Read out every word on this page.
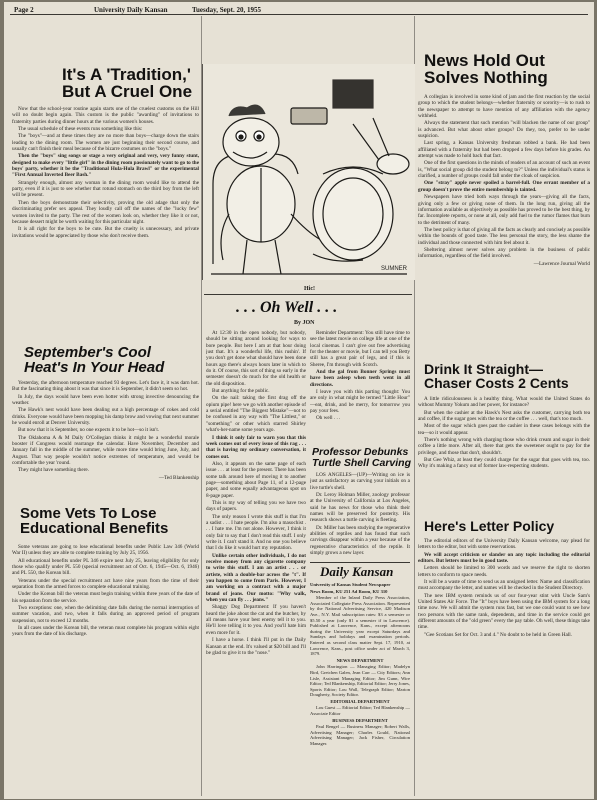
Page 2	University Daily Kansan	Tuesday, Sept. 20, 1955
It's A 'Tradition,'
But A Cruel One

Now that the school-year routine again starts one of the cruelest customs on the Hill will no doubt begin again. This custom is the public "awarding" of invitations to fraternity parties during dinner hours at the various women's houses.

The usual schedule of these events runs something like this:

The "boys"—and at these times they are no more than boys—charge down the stairs leading to the dining room. The women are just beginning their second course, and usually can't finish their meal because of the bizarre costumes on the "boys."

Then the "boys" sing songs or stage a very original and very, very funny stunt, designed to make every "little girl" in the dining room passionately want to go to the boys' party, whether it be the "Traditional Hula-Hula Brawl" or the experimental "First Annual Inverted Beer Bash."

Strangely enough, almost any woman in the dining room would like to attend the party, even if it is just to see whether that rotund stomach on the third boy from the left will be present.

Then the boys demonstrate their selectivity, proving the old adage that only the discriminating prefer sex appeal. They loudly call off the names of the "lucky few" women invited to the party. The rest of the women look on, whether they like it or not, because dessert might be worth waiting for this particular night.

It is all right for the boys to be cute. But the cruelty is unnecessary, and private invitations would be appreciated by those who don't receive them.

September's Cool
Heat's In Your Head

Yesterday, the afternoon temperature reached 93 degrees. Let's face it, it was darn hot. But the fascinating thing about it was that since it is September, it didn't seem so hot.

In July, the days would have been even hotter with strong invective denouncing the weather.

The Hawk's nest would have been dealing out a high percentage of cokes and cold drinks. Everyone would have been mopping his damp brow and vowing that next summer he would enroll at Denver University.

But now that it is September, no one expects it to be hot—so it isn't.

The Oklahoma A & M Daily O'Collegian thinks it might be a wonderful morale booster if Congress would rearrange the calendar. Have November, December and January fall in the middle of the summer, while more time would bring June, July, and August. That way people wouldn't notice extremes of temperature, and would be comfortable the year 'round.

They might have something there.

—Ted Blankenship

Some Vets To Lose
Educational Benefits

Some veterans are going to lose educational benefits under Public Law 346 (World War II) unless they are able to complete training by July 25, 1956.

All educational benefits under PL 346 expire next July 25, leaving eligibility for only those who qualify under PL 550 (special recruitment act of Oct. 6, 1945—Oct. 6, 1946) and PL 550, the Korean bill.

Veterans under the special recruitment act have nine years from the time of their separation from the armed forces to complete educational training.

Under the Korean bill the veteran must begin training within three years of the date of his separation from the service.

Two exceptions: one, when the delimiting date falls during the normal interruption of summer vacation, and two, when it falls during an approved period of program suspension, not to exceed 12 months.

In all cases under the Korean bill, the veteran must complete his program within eight years from the date of his discharge.

SUMNER
Hic!
. . . Oh Well . . .
By JON

At 12:30 in the open nobody, but nobody, should be sitting around looking for ways to bore people. But here I am at that hour doing just that. It's a wonderful life, this rushin'. If you don't get done what should have been done hours ago there's always hours later in which to do it. Of course, this sort of thing so early in the semester doesn't do much for the old health or the old disposition.

But anything for the public.

On the nail: taking the first drag off the opium pipe! here we go with another episode of a serial entitled "The Biggest Mistake"—not to be confused in any way with "The Littlest," or "something" or other which starred Shirley what's-her-name some years ago.

I think it only fair to warn you that this week comes out of every issue of this rag . . . that is having my ordinary conversation, it comes out.

Also, it appears on the same page of each issue . . . at least for the present. There has been some talk around here of moving it to another page—something about Page 11, of a 12-page paper, and some equally advantageous spot on 8-page paper.

This is my way of telling you we have two days of papers.

The only reason I wrote this stuff is that I'm a sadist . . . I hate people. I'm also a masochist . . . I hate me. I'm not alone. However, I think it only fair to say that I don't read this stuff. I only write it. I can't stand it. And no one you believe that I do like it would hurt my reputation.

Unlike certain other individuals, I do not receive money from any cigarette company to write this stuff. I am an artist . . . or artiste, with a double-bar across the "t". If you happen to come from Paris. However, I am working on a contract with a major brand of jeans. Our motto: "Why walk, when you can fly . . . jeans."

Shaggy Dog Department: If you haven't heard the joke about the cat and the butcher, by all means have your best enemy tell it to you. He'll love telling it to you. And you'll hate him even more for it.

I have a horse. I think I'll put in the Daily Kansan at the end. It's valued at $20 bill and I'll be glad to give it to the "nose."

Reminder Department: You still have time to see the latest movie on college life at one of the local cinemas. I can't give out free advertising for the theater or movie, but I can tell you Betty still has a great pair of legs, and if this is Sheree, I'm through with Scotch.

And the gal from Bonner Springs must have been asleep when teeth went in all directions.

I leave you with this parting thought: You are only in what might be termed "Little Hour" —eat, drink, and be merry, for tomorrow you pay your fees.

Oh well . . .

Professor Debunks
Turtle Shell Carving

LOS ANGELES—(UP)—Writing on ice is just as satisfactory as carving your initials on a live turtle's shell.

Dr. Leroy Holman Miller, zoology professor at the University of California at Los Angeles, said he has news for those who think their names will be preserved for posterity. His research shows a turtle carving is fleeting.

Dr. Miller has been studying the regenerative abilities of reptiles and has found that such carvings disappear within a year because of the regenerative characteristics of the reptile. It simply grows a new layer.

Daily Kansan

University of Kansas Student Newspaper

News Room, KU 251 Ad Room, KU 310

Member of the Inland Daily Press Association, Associated Collegiate Press Association. Represented by the National Advertising Service, 420 Madison Ave., N.Y. Mail subscription rates: $3 a semester or $5.50 a year (only $1 a semester if in Lawrence). Published at Lawrence, Kans., except afternoons during the University year except Saturdays and Sundays and holidays and examination periods. Entered as second class matter Sept. 17, 1910, at Lawrence, Kans., post office under act of March 3, 1879.

NEWS DEPARTMENT

John Harrington — Managing Editor; Madelyn Bird, Gretchen Galen, Jean Carr — City Editors; Ann Lisle, Assistant Managing Editor; Jim Gunn, Wire Editor; Ted Blankenship, Editorial Editor; Jerry Jones, Sports Editor; Lou Wall, Telegraph Editor; Marion Dougherty, Society Editor.

EDITORIAL DEPARTMENT

Lou Guest — Editorial Editor; Ted Blankenship — Associate Editor

BUSINESS DEPARTMENT

Paul Bengel — Business Manager; Robert Walls, Advertising Manager; Charles Gould, National Advertising Manager; Jack Fisher, Circulation Manager.

News Hold Out
Solves Nothing

A collegian is involved in some kind of jam and the first reaction by the social group to which the student belongs—whether fraternity or sorority—is to rush to the newspaper to attempt to have mention of any affiliation with the agency withheld.

Always the statement that such mention "will blacken the name of our group" is advanced. But what about other groups? Do they, too, prefer to be under suspicion.

Last spring, a Kansas University freshman robbed a bank. He had been affiliated with a fraternity but had been dropped a few days before his grades. An attempt was made to hold back that fact.

One of the first questions in the minds of readers of an account of such an event is, "What social group did the student belong to?" Unless the individual's status is clarified, a number of groups could fall under the cloak of suspicion.

One "stray" apple never spoiled a barrel-full. One errant member of a group doesn't prove the entire membership is tainted.

Newspapers have tried both ways through the years—giving all the facts, giving only a few or giving none of them. In the long run, giving all the information available as objectively as possible has proved to be the best thing, by far. Incomplete reports, or none at all, only add fuel to the rumor flames that burn to the detriment of many.

The best policy is that of giving all the facts as clearly and concisely as possible within the bounds of good taste. The less personal the story, the less shame the individual and those connected with him feel about it.

Sheltering almost never solves any problem in the business of public information, regardless of the field involved.

—Lawrence Journal World

Drink It Straight—
Chaser Costs 2 Cents

A little ridiculousness is a healthy thing. What would the United States do without Mummy Yokum and her power, for instance?

But when the cashier at the Hawk's Nest asks the customer, carrying both tea and coffee, if the sugar goes with the tea or the coffee . . . well, that's too much.

Most of the sugar which goes past the cashier in these cases belongs with the tea—so it would appear.

There's nothing wrong with charging those who drink cream and sugar in their coffee a little more. After all, there that gets the sweetener ought to pay for the privilege, and those that don't, shouldn't.

But Gee Whiz, at least they could charge for the sugar that goes with tea, too. Why it's making a fancy out of former law-respecting students.

Here's Letter Policy

The editorial editors of the University Daily Kansan welcome, nay plead for letters to the editor, but with some reservations.

We will accept criticism or slander on any topic including the editorial editors. But letters must be in good taste.

Letters should be limited to 300 words and we reserve the right to shorten letters to conform to space needs.

It will be a waste of time to send us an unsigned letter. Name and classification must accompany the letter, and names will be checked in the Student Directory.

The new IBM system reminds us of our four-year stint with Uncle Sam's United States Air Force. The "It" boys have been using the IBM system for a long time now. We will admit the system runs fast, but we one could want to see how two persons with the same rank, dependents, and time in the service could get different amounts of the "old green" every the pay table. Oh well, these things take time.

"Gee Scotians Set for Oct. 3 and 4." No doubt to be held in Green Hall.
